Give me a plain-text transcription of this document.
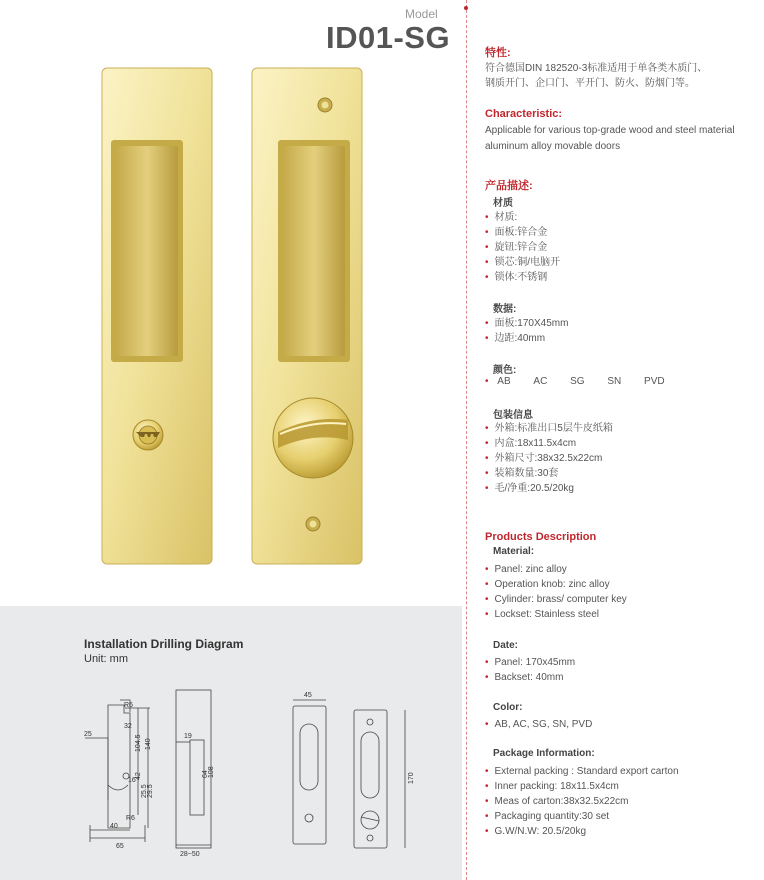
Model
ID01-SG	特性:
符合德国DIN 182520-3标准适用于单各类木质门、
钢质开门、企口门、平开门、防火、防烟门等。
Characteristic:
Applicable for various top-grade wood and steel material
aluminum alloy movable doors
产品描述:
材质
• 材质:
• 面板:锌合金
• 旋钮:锌合金
• 锁芯:铜/电脑开
• 锁体:不锈钢
数据:
• 面板:170X45mm
• 边距:40mm
颜色:
• AB AC SG SN PVD
包装信息
• 外箱:标准出口5层牛皮纸箱
• 内盒:18x11.5x4cm
• 外箱尺寸:38x32.5x22cm
• 装箱数量:30套
• 毛/净重:20.5/20kg
Products Description
Material:
• Panel: zinc alloy
• Operation knob: zinc alloy
• Cylinder: brass/ computer key
• Lockset: Stainless steel
Date:
• Panel: 170x45mm
• Backset: 40mm
Color:
• AB, AC, SG, SN, PVD
Package Information:
• External packing : Standard export carton
• Inner packing: 18x11.5x4cm
• Meas of carton:38x32.5x22cm
• Packaging quantity:30 set
• G.W/N.W: 20.5/20kg
Installation Drilling Diagram
Unit: mm
R6
32
104.5 140
25
16
42
25.5 29.5
R6
40
65
19
64 108
28~50
45
170
